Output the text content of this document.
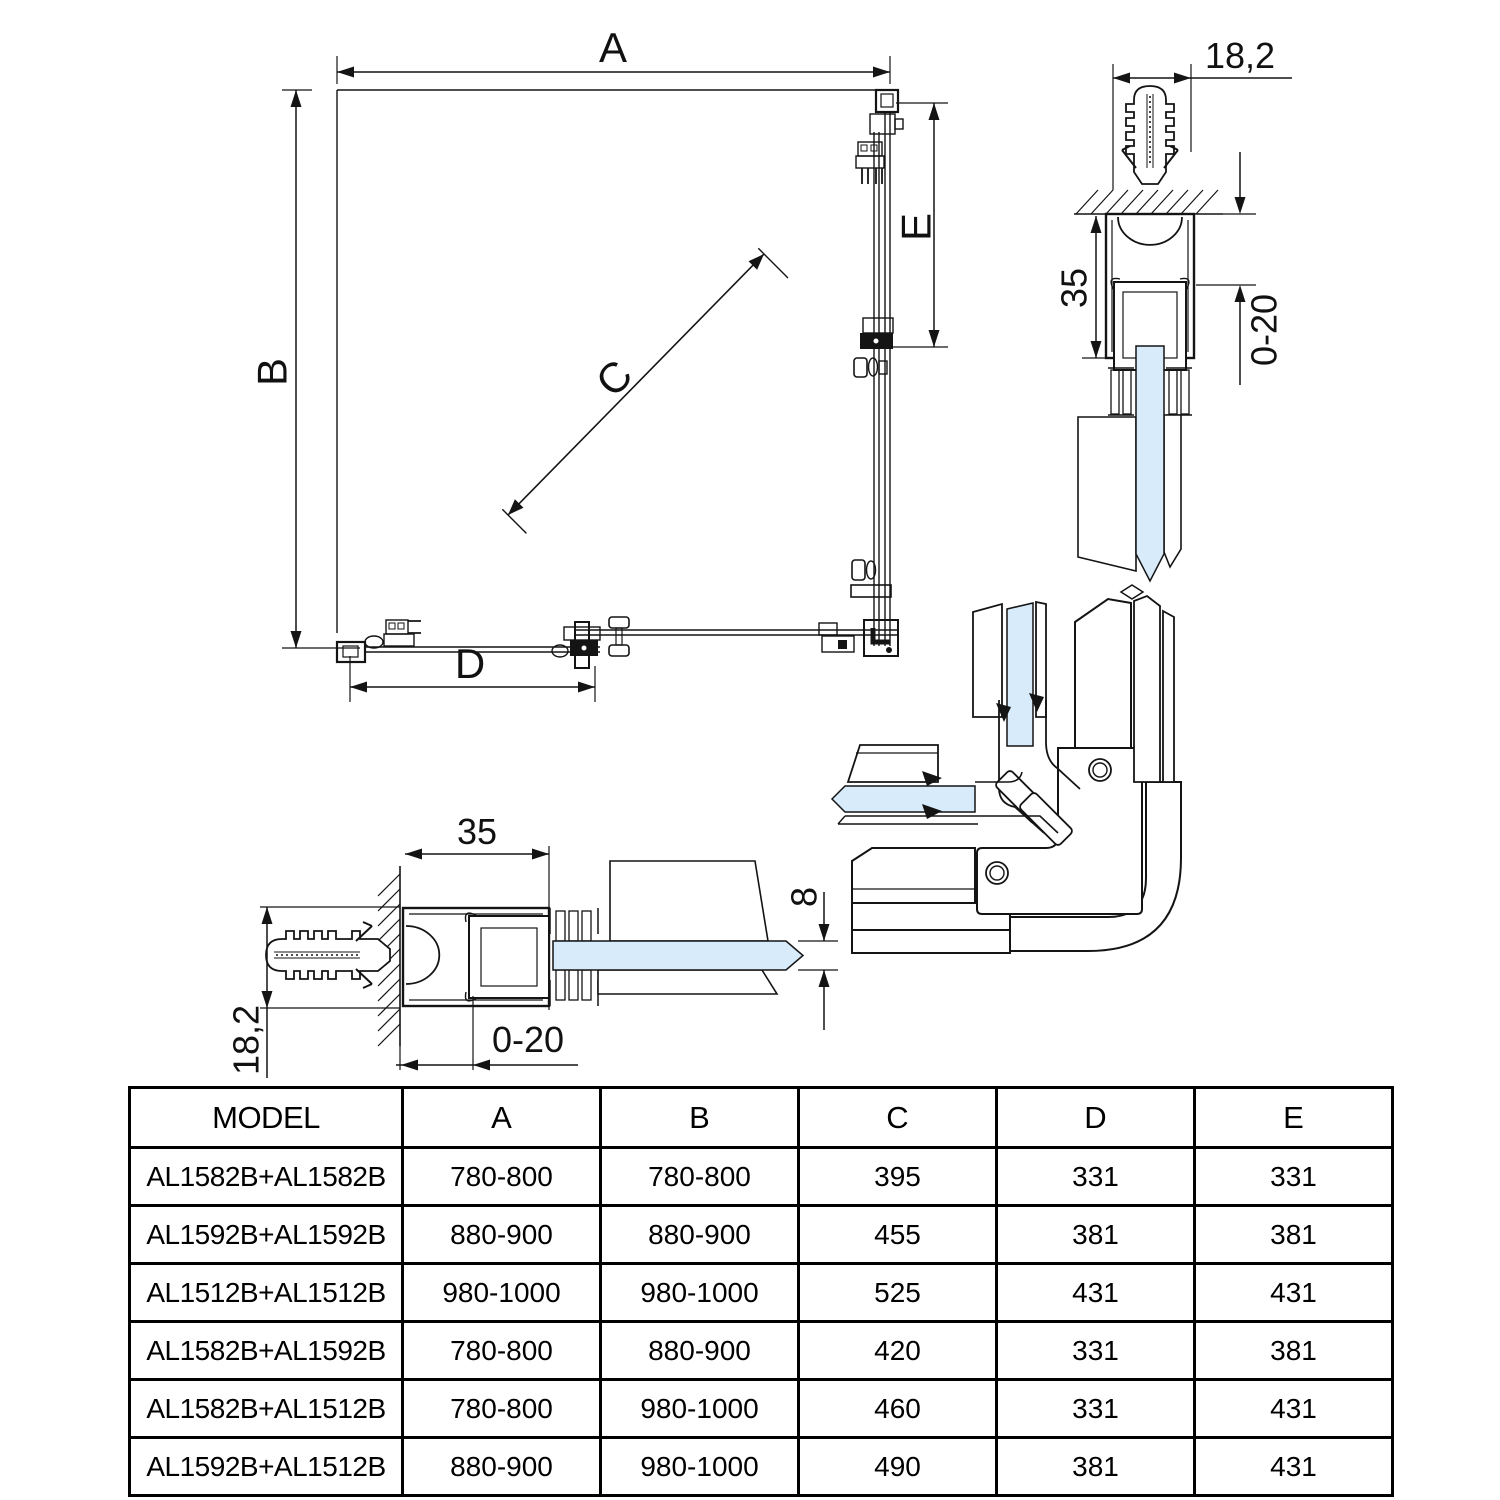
A
B	C
D
E
18,2
35
0-20
35
18,2	0-20
8
MODEL	A	B	C	D	E
AL1582B+AL1582B	780-800	780-800	395	331	331
AL1592B+AL1592B	880-900	880-900	455	381	381
AL1512B+AL1512B	980-1000	980-1000	525	431	431
AL1582B+AL1592B	780-800	880-900	420	331	381
AL1582B+AL1512B	780-800	980-1000	460	331	431
AL1592B+AL1512B	880-900	980-1000	490	381	431
